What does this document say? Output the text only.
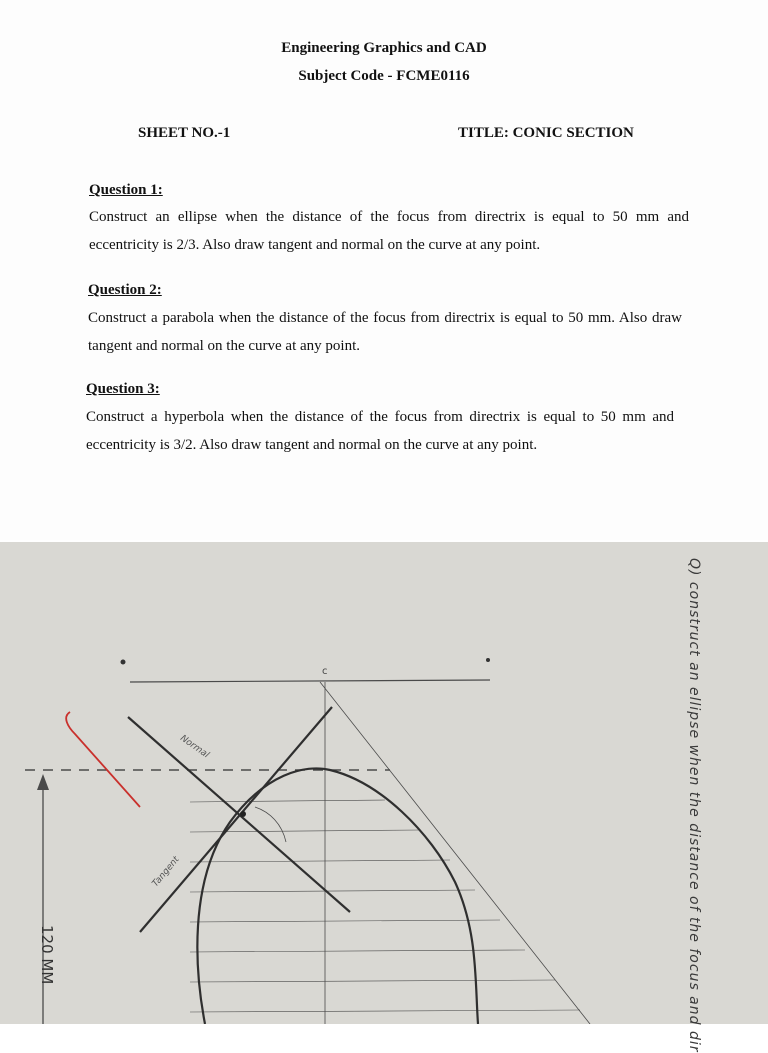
Engineering Graphics and CAD
Subject Code - FCME0116
SHEET NO.-1	TITLE: CONIC SECTION
Question 1:
Construct an ellipse when the distance of the focus from directrix is equal to 50 mm and eccentricity is 2/3. Also draw tangent and normal on the curve at any point.
Question 2:
Construct a parabola when the distance of the focus from directrix is equal to 50 mm. Also draw tangent and normal on the curve at any point.
Question 3:
Construct a hyperbola when the distance of the focus from directrix is equal to 50 mm and eccentricity is 3/2. Also draw tangent and normal on the curve at any point.
c
Normal
Tangent	Q) construct an ellipse when the distance of the focus and dir
120 MM
